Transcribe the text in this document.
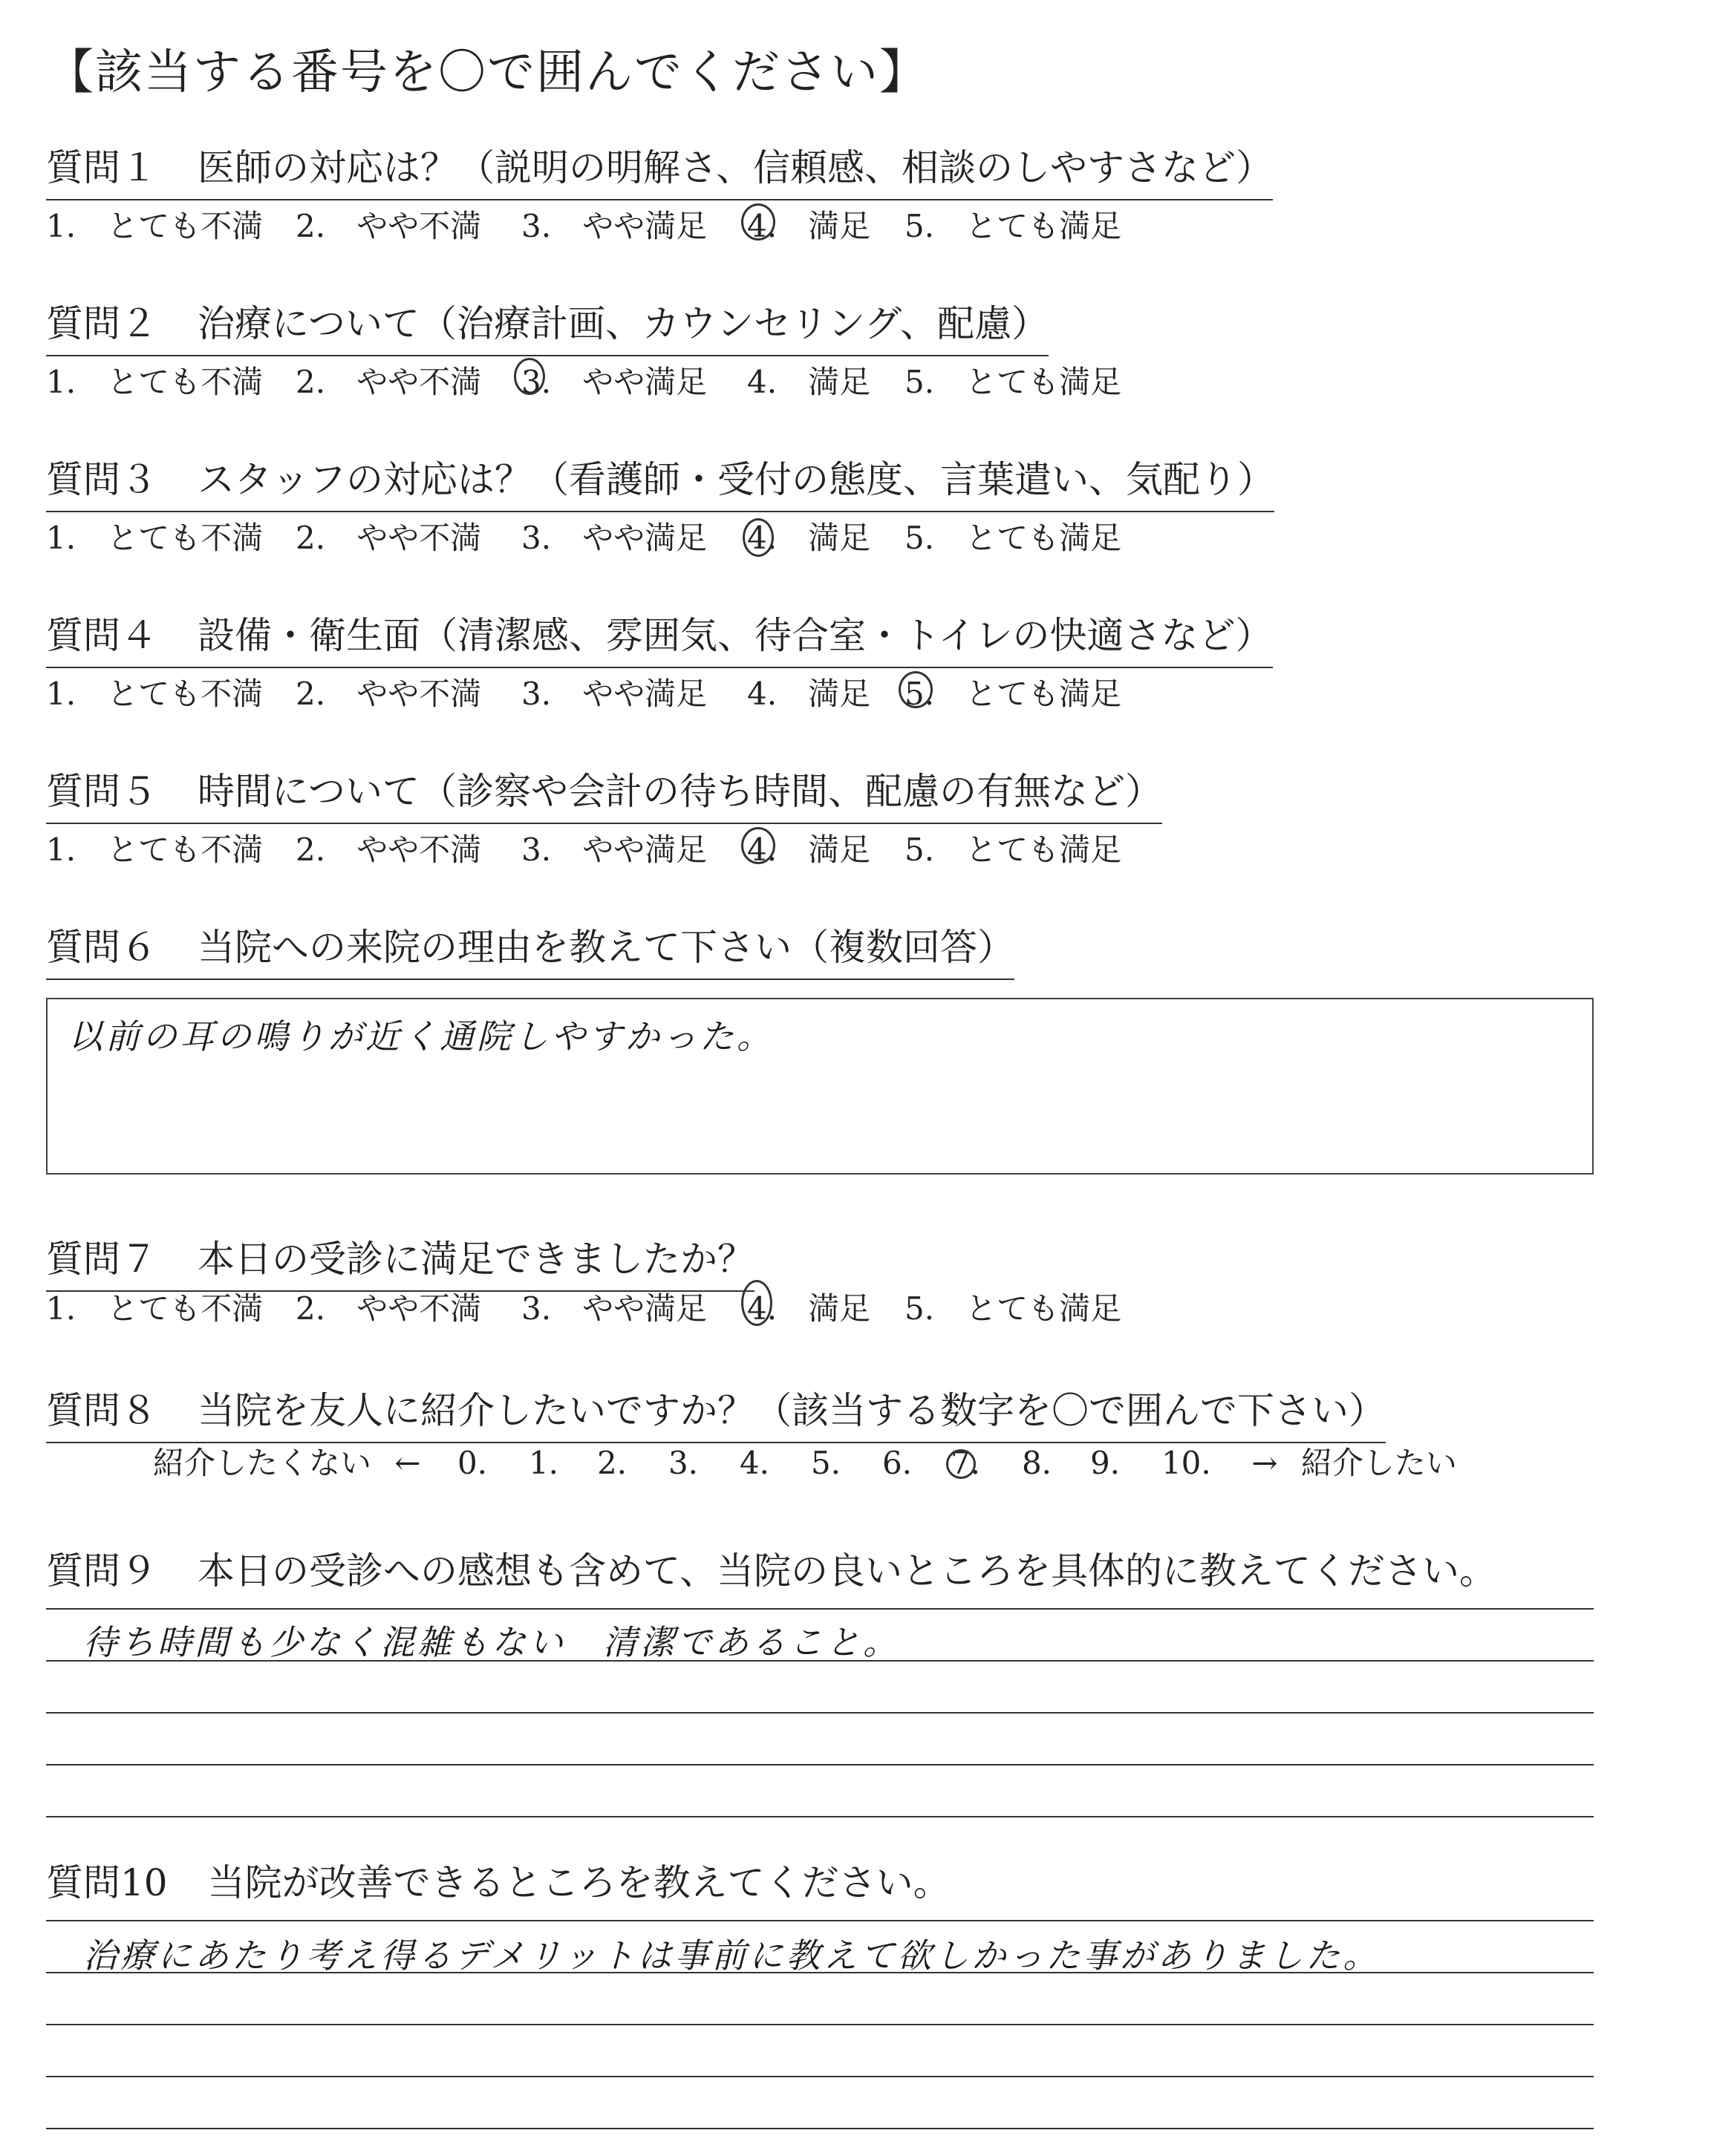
【該当する番号を〇で囲んでください】
質問１ 医師の対応は？（説明の明解さ、信頼感、相談のしやすさなど）
1.　とても不満 2.　やや不満 3.　やや満足 4.　満足 5.　とても満足
質問２ 治療について（治療計画、カウンセリング、配慮）
1.　とても不満 2.　やや不満 3.　やや満足 4.　満足 5.　とても満足
質問３ スタッフの対応は？（看護師・受付の態度、言葉遣い、気配り）
1.　とても不満 2.　やや不満 3.　やや満足 4.　満足 5.　とても満足
質問４ 設備・衛生面（清潔感、雰囲気、待合室・トイレの快適さなど）
1.　とても不満 2.　やや不満 3.　やや満足 4.　満足 5.　とても満足
質問５ 時間について（診察や会計の待ち時間、配慮の有無など）
1.　とても不満 2.　やや不満 3.　やや満足 4.　満足 5.　とても満足
質問６ 当院への来院の理由を教えて下さい（複数回答）
以前の耳の鳴りが近く通院しやすかった。
質問７ 本日の受診に満足できましたか？
1.　とても不満 2.　やや不満 3.　やや満足 4.　満足 5.　とても満足
質問８ 当院を友人に紹介したいですか？（該当する数字を〇で囲んで下さい）
紹介したくない ← 0. 1. 2. 3. 4. 5. 6. 7. 8. 9. 10. → 紹介したい
質問９ 本日の受診への感想も含めて、当院の良いところを具体的に教えてください。
待ち時間も少なく混雑もない　清潔であること。
質問10 当院が改善できるところを教えてください。
治療にあたり考え得るデメリットは事前に教えて欲しかった事がありました。
